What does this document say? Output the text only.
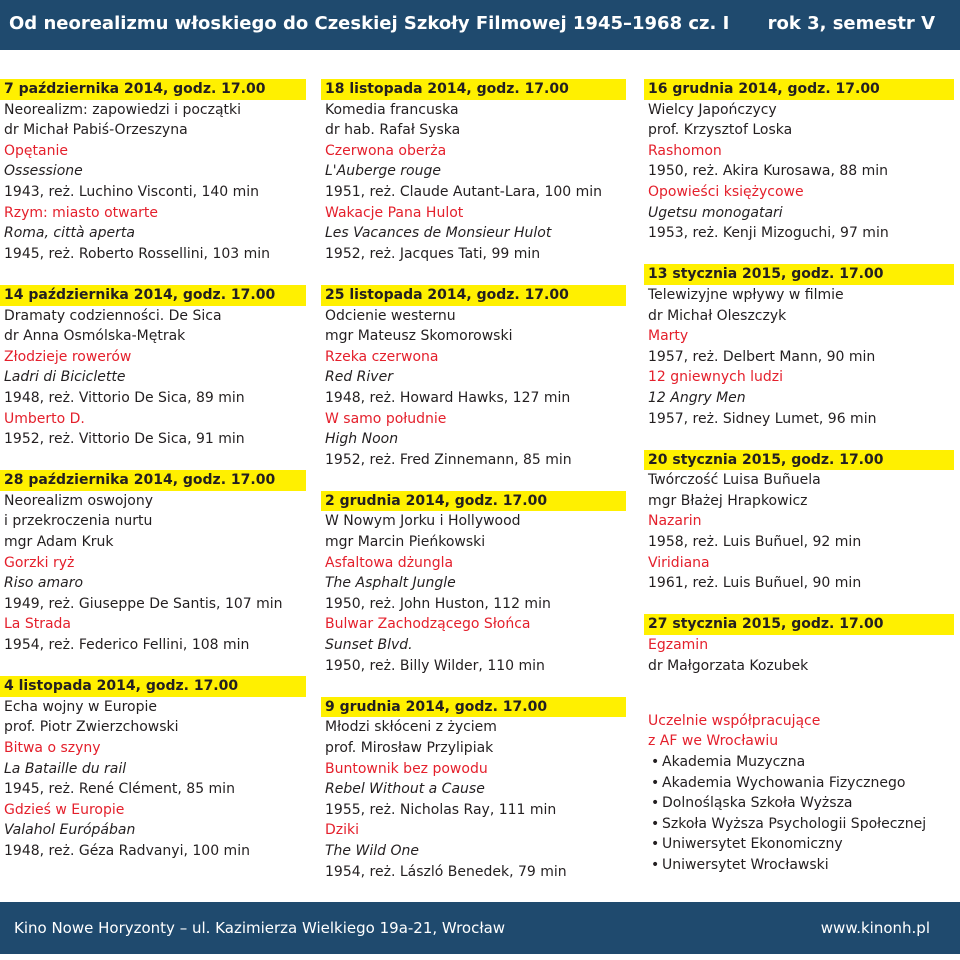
Od neorealizmu włoskiego do Czeskiej Szkoły Filmowej 1945–1968 cz. I rok 3, semestr V
7 października 2014, godz. 17.00
Neorealizm: zapowiedzi i początki
dr Michał Pabiś-Orzeszyna
Opętanie
Ossessione
1943, reż. Luchino Visconti, 140 min
Rzym: miasto otwarte
Roma, città aperta
1945, reż. Roberto Rossellini, 103 min
14 października 2014, godz. 17.00
Dramaty codzienności. De Sica
dr Anna Osmólska-Mętrak
Złodzieje rowerów
Ladri di Biciclette
1948, reż. Vittorio De Sica, 89 min
Umberto D.
1952, reż. Vittorio De Sica, 91 min
28 października 2014, godz. 17.00
Neorealizm oswojony
i przekroczenia nurtu
mgr Adam Kruk
Gorzki ryż
Riso amaro
1949, reż. Giuseppe De Santis, 107 min
La Strada
1954, reż. Federico Fellini, 108 min
4 listopada 2014, godz. 17.00
Echa wojny w Europie
prof. Piotr Zwierzchowski
Bitwa o szyny
La Bataille du rail
1945, reż. René Clément, 85 min
Gdzieś w Europie
Valahol Európában
1948, reż. Géza Radvanyi, 100 min
18 listopada 2014, godz. 17.00
Komedia francuska
dr hab. Rafał Syska
Czerwona oberża
L'Auberge rouge
1951, reż. Claude Autant-Lara, 100 min
Wakacje Pana Hulot
Les Vacances de Monsieur Hulot
1952, reż. Jacques Tati, 99 min
25 listopada 2014, godz. 17.00
Odcienie westernu
mgr Mateusz Skomorowski
Rzeka czerwona
Red River
1948, reż. Howard Hawks, 127 min
W samo południe
High Noon
1952, reż. Fred Zinnemann, 85 min
2 grudnia 2014, godz. 17.00
W Nowym Jorku i Hollywood
mgr Marcin Pieńkowski
Asfaltowa dżungla
The Asphalt Jungle
1950, reż. John Huston, 112 min
Bulwar Zachodzącego Słońca
Sunset Blvd.
1950, reż. Billy Wilder, 110 min
9 grudnia 2014, godz. 17.00
Młodzi skłóceni z życiem
prof. Mirosław Przylipiak
Buntownik bez powodu
Rebel Without a Cause
1955, reż. Nicholas Ray, 111 min
Dziki
The Wild One
1954, reż. László Benedek, 79 min
16 grudnia 2014, godz. 17.00
Wielcy Japończycy
prof. Krzysztof Loska
Rashomon
1950, reż. Akira Kurosawa, 88 min
Opowieści księżycowe
Ugetsu monogatari
1953, reż. Kenji Mizoguchi, 97 min
13 stycznia 2015, godz. 17.00
Telewizyjne wpływy w filmie
dr Michał Oleszczyk
Marty
1957, reż. Delbert Mann, 90 min
12 gniewnych ludzi
12 Angry Men
1957, reż. Sidney Lumet, 96 min
20 stycznia 2015, godz. 17.00
Twórczość Luisa Buñuela
mgr Błażej Hrapkowicz
Nazarin
1958, reż. Luis Buñuel, 92 min
Viridiana
1961, reż. Luis Buñuel, 90 min
27 stycznia 2015, godz. 17.00
Egzamin
dr Małgorzata Kozubek
Uczelnie współpracujące
z AF we Wrocławiu
• Akademia Muzyczna
• Akademia Wychowania Fizycznego
• Dolnośląska Szkoła Wyższa
• Szkoła Wyższa Psychologii Społecznej
• Uniwersytet Ekonomiczny
• Uniwersytet Wrocławski
Kino Nowe Horyzonty – ul. Kazimierza Wielkiego 19a-21, Wrocław	www.kinonh.pl
